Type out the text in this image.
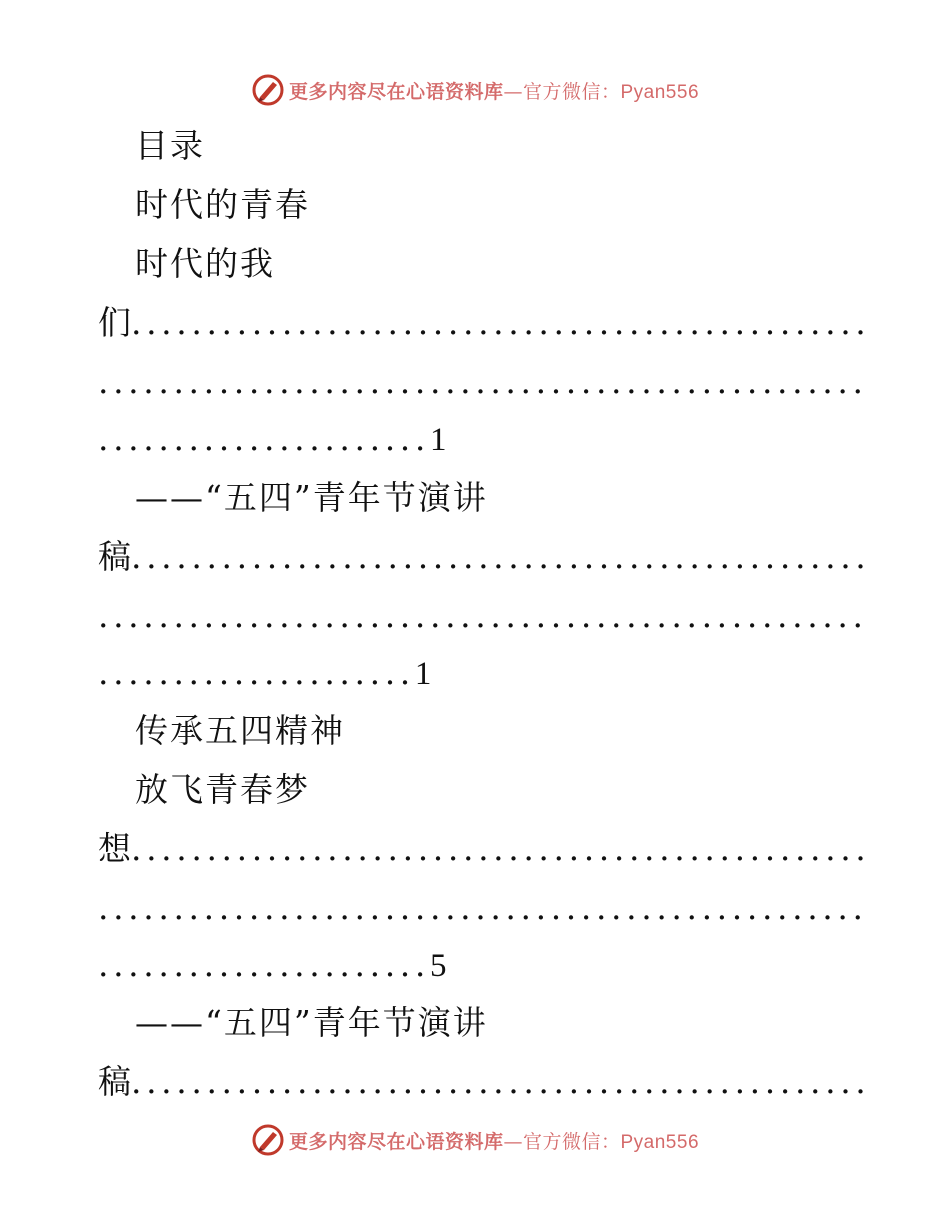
更多内容尽在心语资料库—官方微信：Pyan556
目录
时代的青春
时代的我
们.................................................
...................................................
......................1
——“五四”青年节演讲
稿.................................................
...................................................
.....................1
传承五四精神
放飞青春梦
想.................................................
...................................................
......................5
——“五四”青年节演讲
稿.................................................
更多内容尽在心语资料库—官方微信：Pyan556
